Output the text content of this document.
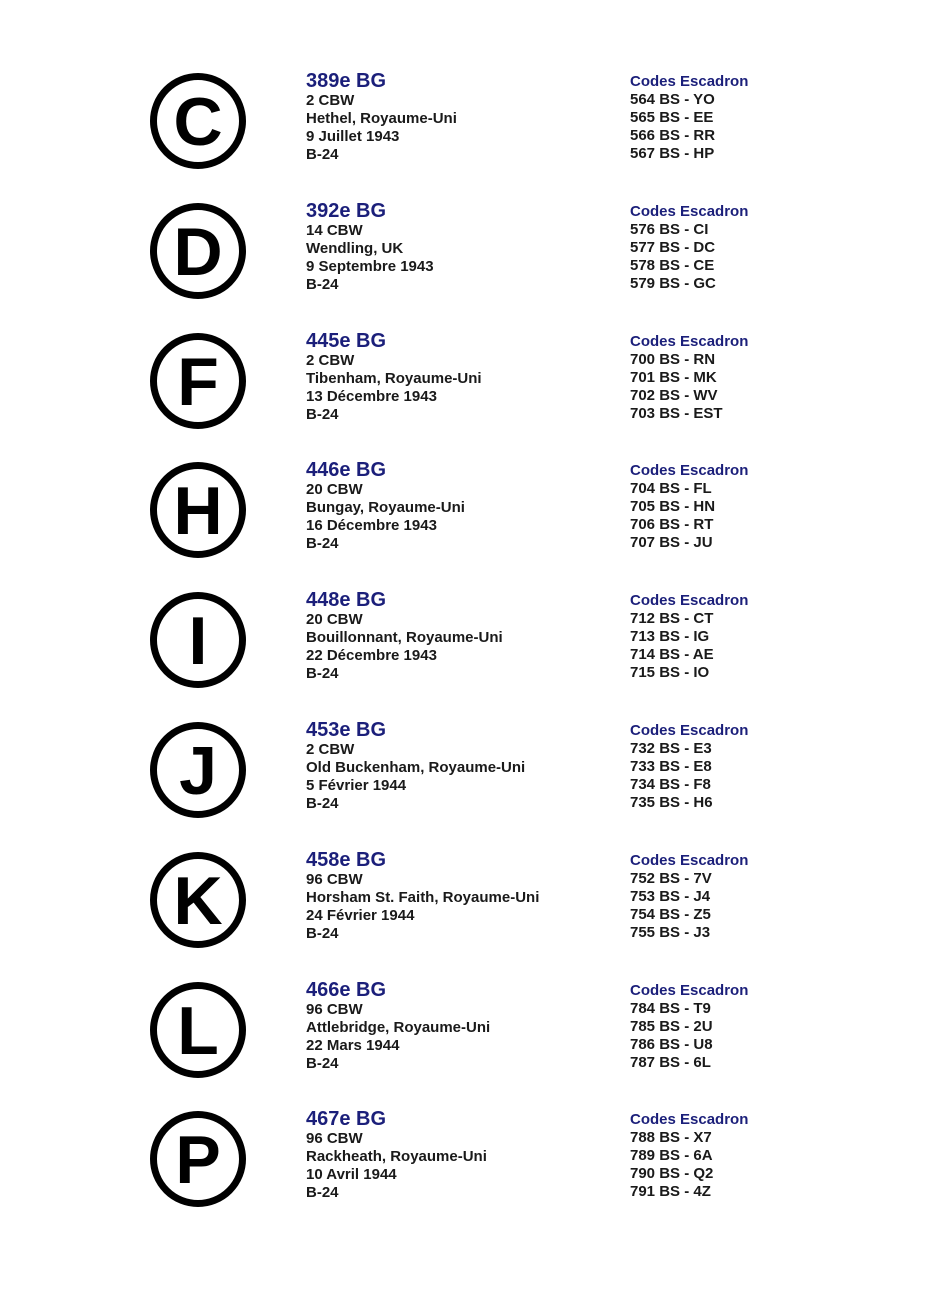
C
389e BG
2 CBW
Hethel, Royaume-Uni
9 Juillet 1943
B-24
Codes Escadron
564 BS - YO
565 BS - EE
566 BS - RR
567 BS - HP
D
392e BG
14 CBW
Wendling, UK
9 Septembre 1943
B-24
Codes Escadron
576 BS - CI
577 BS - DC
578 BS - CE
579 BS - GC
F
445e BG
2 CBW
Tibenham, Royaume-Uni
13 Décembre 1943
B-24
Codes Escadron
700 BS - RN
701 BS - MK
702 BS - WV
703 BS - EST
H
446e BG
20 CBW
Bungay, Royaume-Uni
16 Décembre 1943
B-24
Codes Escadron
704 BS - FL
705 BS - HN
706 BS - RT
707 BS - JU
I
448e BG
20 CBW
Bouillonnant, Royaume-Uni
22 Décembre 1943
B-24
Codes Escadron
712 BS - CT
713 BS - IG
714 BS - AE
715 BS - IO
J
453e BG
2 CBW
Old Buckenham, Royaume-Uni
5 Février 1944
B-24
Codes Escadron
732 BS - E3
733 BS - E8
734 BS - F8
735 BS - H6
K
458e BG
96 CBW
Horsham St. Faith, Royaume-Uni
24 Février 1944
B-24
Codes Escadron
752 BS - 7V
753 BS - J4
754 BS - Z5
755 BS - J3
L
466e BG
96 CBW
Attlebridge, Royaume-Uni
22 Mars 1944
B-24
Codes Escadron
784 BS - T9
785 BS - 2U
786 BS - U8
787 BS - 6L
P
467e BG
96 CBW
Rackheath, Royaume-Uni
10 Avril 1944
B-24
Codes Escadron
788 BS - X7
789 BS - 6A
790 BS - Q2
791 BS - 4Z
